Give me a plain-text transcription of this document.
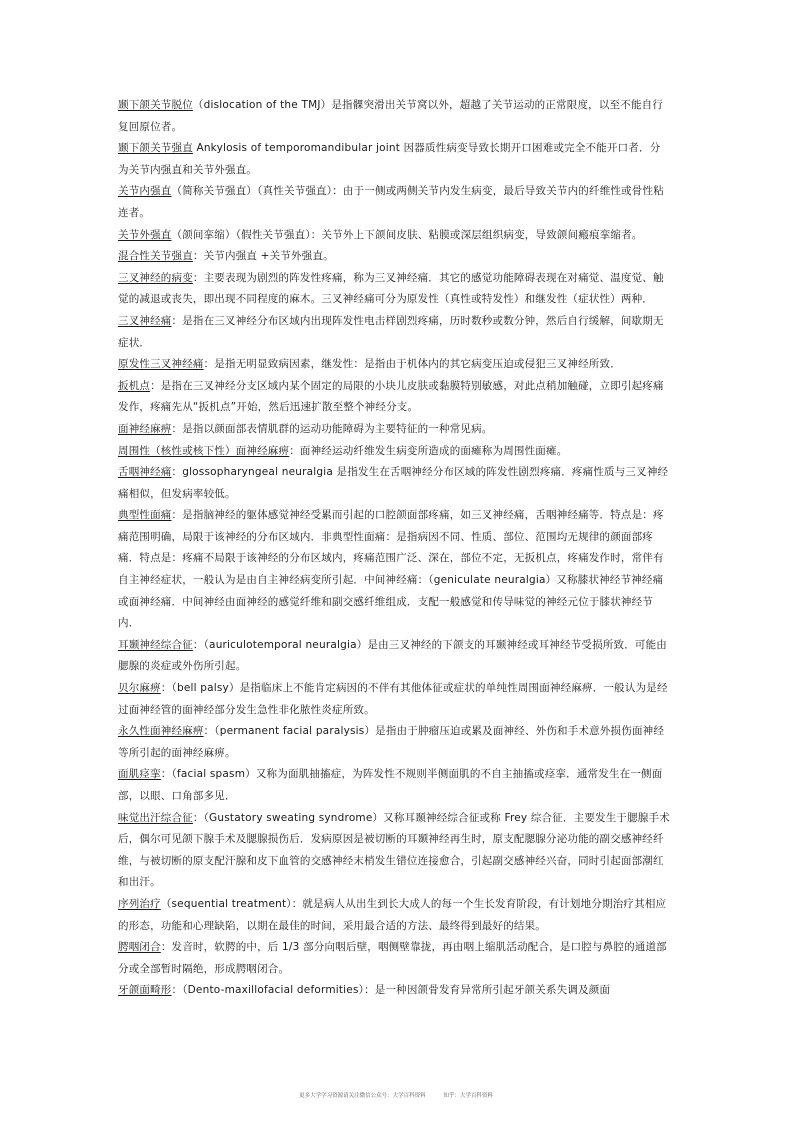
颞下颌关节脱位（dislocation of the TMJ）是指髁突滑出关节窝以外，超越了关节运动的正常限度，以至不能自行复回原位者。

颞下颌关节强直 Ankylosis of temporomandibular joint 因器质性病变导致长期开口困难或完全不能开口者．分为关节内强直和关节外强直。

关节内强直（简称关节强直）（真性关节强直）：由于一侧或两侧关节内发生病变，最后导致关节内的纤维性或骨性粘连者。

关节外强直（颌间挛缩）（假性关节强直）：关节外上下颌间皮肤、粘膜或深层组织病变，导致颌间瘢痕挛缩者。

混合性关节强直：关节内强直 +关节外强直。

三叉神经的病变：主要表现为剧烈的阵发性疼痛，称为三叉神经痛．其它的感觉功能障碍表现在对痛觉、温度觉、触觉的减退或丧失，即出现不同程度的麻木。三叉神经痛可分为原发性（真性或特发性）和继发性（症状性）两种．

三叉神经痛：是指在三叉神经分布区域内出现阵发性电击样剧烈疼痛，历时数秒或数分钟，然后自行缓解，间歇期无症状．

原发性三叉神经痛：是指无明显致病因素，继发性：是指由于机体内的其它病变压迫或侵犯三叉神经所致．

扳机点：是指在三叉神经分支区域内某个固定的局限的小块儿皮肤或黏膜特别敏感，对此点稍加触碰，立即引起疼痛发作，疼痛先从“扳机点”开始，然后迅速扩散至整个神经分支。

面神经麻痹：是指以颜面部表情肌群的运动功能障碍为主要特征的一种常见病。

周围性（核性或核下性）面神经麻痹：面神经运动纤维发生病变所造成的面瘫称为周围性面瘫。

舌咽神经痛：glossopharyngeal neuralgia 是指发生在舌咽神经分布区域的阵发性剧烈疼痛．疼痛性质与三叉神经痛相似，但发病率较低。

典型性面痛：是指脑神经的躯体感觉神经受累而引起的口腔颌面部疼痛，如三叉神经痛，舌咽神经痛等．特点是：疼痛范围明确，局限于该神经的分布区域内．非典型性面痛：是指病因不同、性质、部位、范围均无规律的颜面部疼痛．特点是：疼痛不局限于该神经的分布区域内，疼痛范围广泛、深在，部位不定，无扳机点，疼痛发作时，常伴有自主神经症状，一般认为是由自主神经病变所引起．中间神经痛：（geniculate neuralgia）又称膝状神经节神经痛或面神经痛．中间神经由面神经的感觉纤维和副交感纤维组成．支配一般感觉和传导味觉的神经元位于膝状神经节内．

耳颞神经综合征：（auriculotemporal neuralgia）是由三叉神经的下颌支的耳颞神经或耳神经节受损所致．可能由腮腺的炎症或外伤所引起。

贝尔麻痹：（bell palsy）是指临床上不能肯定病因的不伴有其他体征或症状的单纯性周围面神经麻痹．一般认为是经过面神经管的面神经部分发生急性非化脓性炎症所致。

永久性面神经麻痹：（permanent facial paralysis）是指由于肿瘤压迫或累及面神经、外伤和手术意外损伤面神经等所引起的面神经麻痹。

面肌痉挛：（facial spasm）又称为面肌抽搐症，为阵发性不规则半侧面肌的不自主抽搐或痉挛．通常发生在一侧面部，以眼、口角部多见．

味觉出汗综合征：（Gustatory sweating syndrome）又称耳颞神经综合征或称 Frey 综合征．主要发生于腮腺手术后，偶尔可见颌下腺手术及腮腺损伤后．发病原因是被切断的耳颞神经再生时，原支配腮腺分泌功能的副交感神经纤维，与被切断的原支配汗腺和皮下血管的交感神经末梢发生错位连接愈合，引起副交感神经兴奋，同时引起面部潮红和出汗。

序列治疗（sequential treatment）：就是病人从出生到长大成人的每一个生长发育阶段，有计划地分期治疗其相应的形态，功能和心理缺陷，以期在最佳的时间，采用最合适的方法、最终得到最好的结果。

腭咽闭合：发音时，软腭的中，后 1/3 部分向咽后壁，咽侧壁靠拢，再由咽上缩肌活动配合，是口腔与鼻腔的通道部分或全部暂时隔绝，形成腭咽闭合。

牙颌面畸形：（Dento-maxillofacial deformities）：是一种因颌骨发育异常所引起牙颌关系失调及颜面

更多大学学习资源请关注微信公众号：大学百科资料	知乎：大学百科资料
